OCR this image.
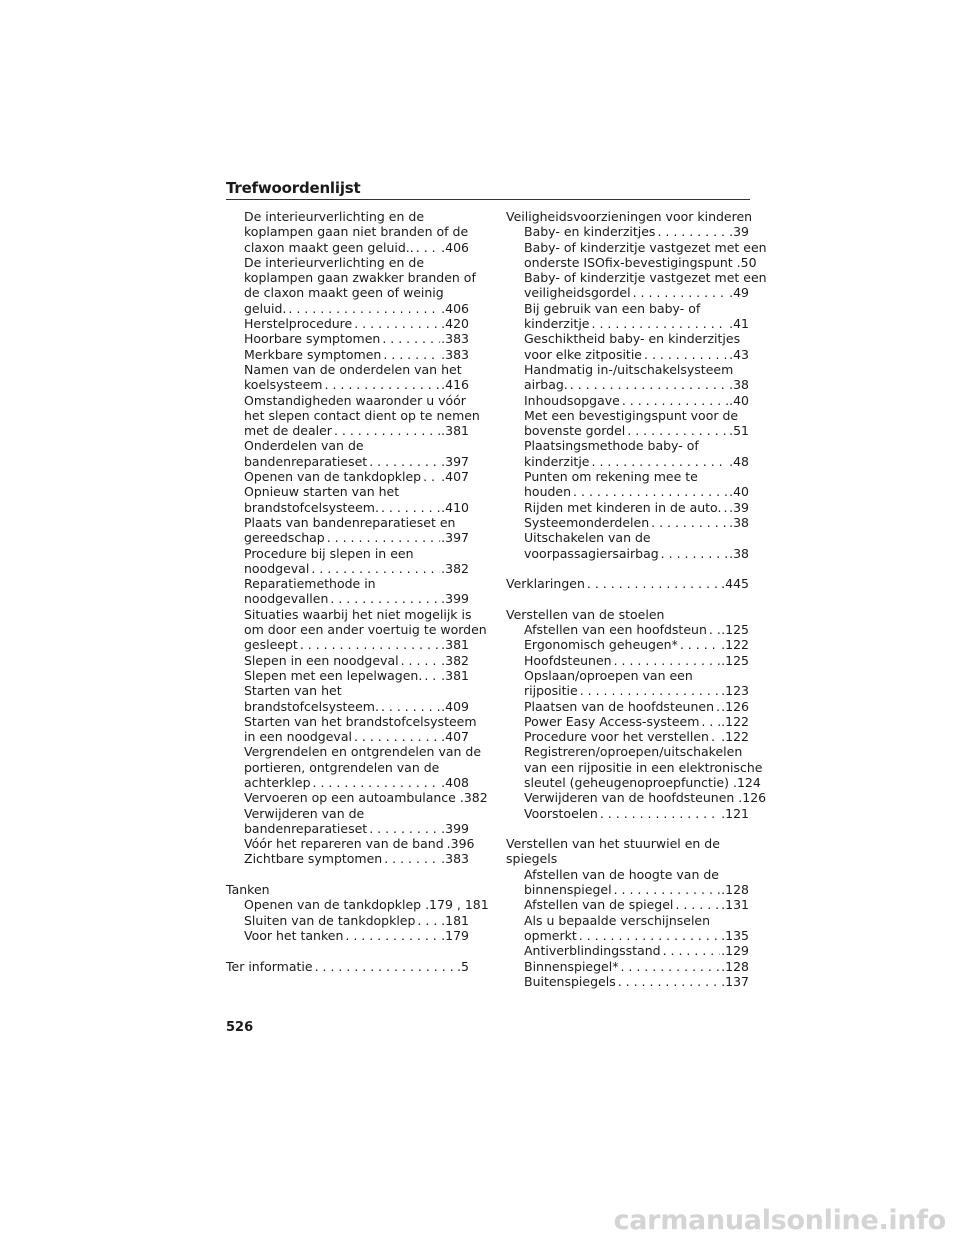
Trefwoordenlijst
De interieurverlichting en de
koplampen gaan niet branden of de
claxon maakt geen geluid.. . . . .406
De interieurverlichting en de
koplampen gaan zwakker branden of
de claxon maakt geen of weinig
geluid. . . .	.406
Herstelprocedure . . .	.420
Hoorbare symptomen . . .	.383
Merkbare symptomen . . .	.383
Namen van de onderdelen van het
koelsysteem . . .	.416
Omstandigheden waaronder u vóór
het slepen contact dient op te nemen
met de dealer . . .	.381
Onderdelen van de
bandenreparatieset . . .	.397
Openen van de tankdopklep . . . .407
Opnieuw starten van het
brandstofcelsysteem. . . .	.410
Plaats van bandenreparatieset en
gereedschap . . .	.397
Procedure bij slepen in een
noodgeval . . .	.382
Reparatiemethode in
noodgevallen . . .	.399
Situaties waarbij het niet mogelijk is
om door een ander voertuig te worden
gesleept . . .	.381
Slepen in een noodgeval . . .	.382
Slepen met een lepelwagen. . . . .381
Starten van het
brandstofcelsysteem. . . .	.409
Starten van het brandstofcelsysteem
in een noodgeval . . .	.407
Vergrendelen en ontgrendelen van de
portieren, ontgrendelen van de
achterklep . . .	.408
Vervoeren op een autoambulance .382
Verwijderen van de
bandenreparatieset . . .	.399
Vóór het repareren van de band . . . .396
Zichtbare symptomen . . .	.383
Tanken
Openen van de tankdopklep .179 , 181
Sluiten van de tankdopklep . . . .181
Voor het tanken . . .	.179
Ter informatie . . .	.5
Veiligheidsvoorzieningen voor kinderen
Baby- en kinderzitjes . . .	.39
Baby- of kinderzitje vastgezet met een
onderste ISOfix-bevestigingspunt .50
Baby- of kinderzitje vastgezet met een
veiligheidsgordel . . .	.49
Bij gebruik van een baby- of
kinderzitje . . .	.41
Geschiktheid baby- en kinderzitjes
voor elke zitpositie . . .	.43
Handmatig in-/uitschakelsysteem
airbag. . . .	.38
Inhoudsopgave . . .	.40
Met een bevestigingspunt voor de
bovenste gordel . . .	.51
Plaatsingsmethode baby- of
kinderzitje . . .	.48
Punten om rekening mee te
houden . . .	.40
Rijden met kinderen in de auto. . . . .39
Systeemonderdelen . . .	.38
Uitschakelen van de
voorpassagiersairbag . . .	.38
Verklaringen . . .	.445
Verstellen van de stoelen
Afstellen van een hoofdsteun . . . .125
Ergonomisch geheugen* . . .	.122
Hoofdsteunen . . .	.125
Opslaan/oproepen van een
rijpositie . . .	.123
Plaatsen van de hoofdsteunen . . . .126
Power Easy Access-systeem . . . .122
Procedure voor het verstellen . . . .122
Registreren/oproepen/uitschakelen
van een rijpositie in een elektronische
sleutel (geheugenoproepfunctie) .124
Verwijderen van de hoofdsteunen .126
Voorstoelen . . .	.121
Verstellen van het stuurwiel en de
spiegels
Afstellen van de hoogte van de
binnenspiegel . . .	.128
Afstellen van de spiegel . . .	.131
Als u bepaalde verschijnselen
opmerkt . . .	.135
Antiverblindingsstand . . .	.129
Binnenspiegel* . . .	.128
Buitenspiegels . . .	.137
526
carmanualsonline.info
